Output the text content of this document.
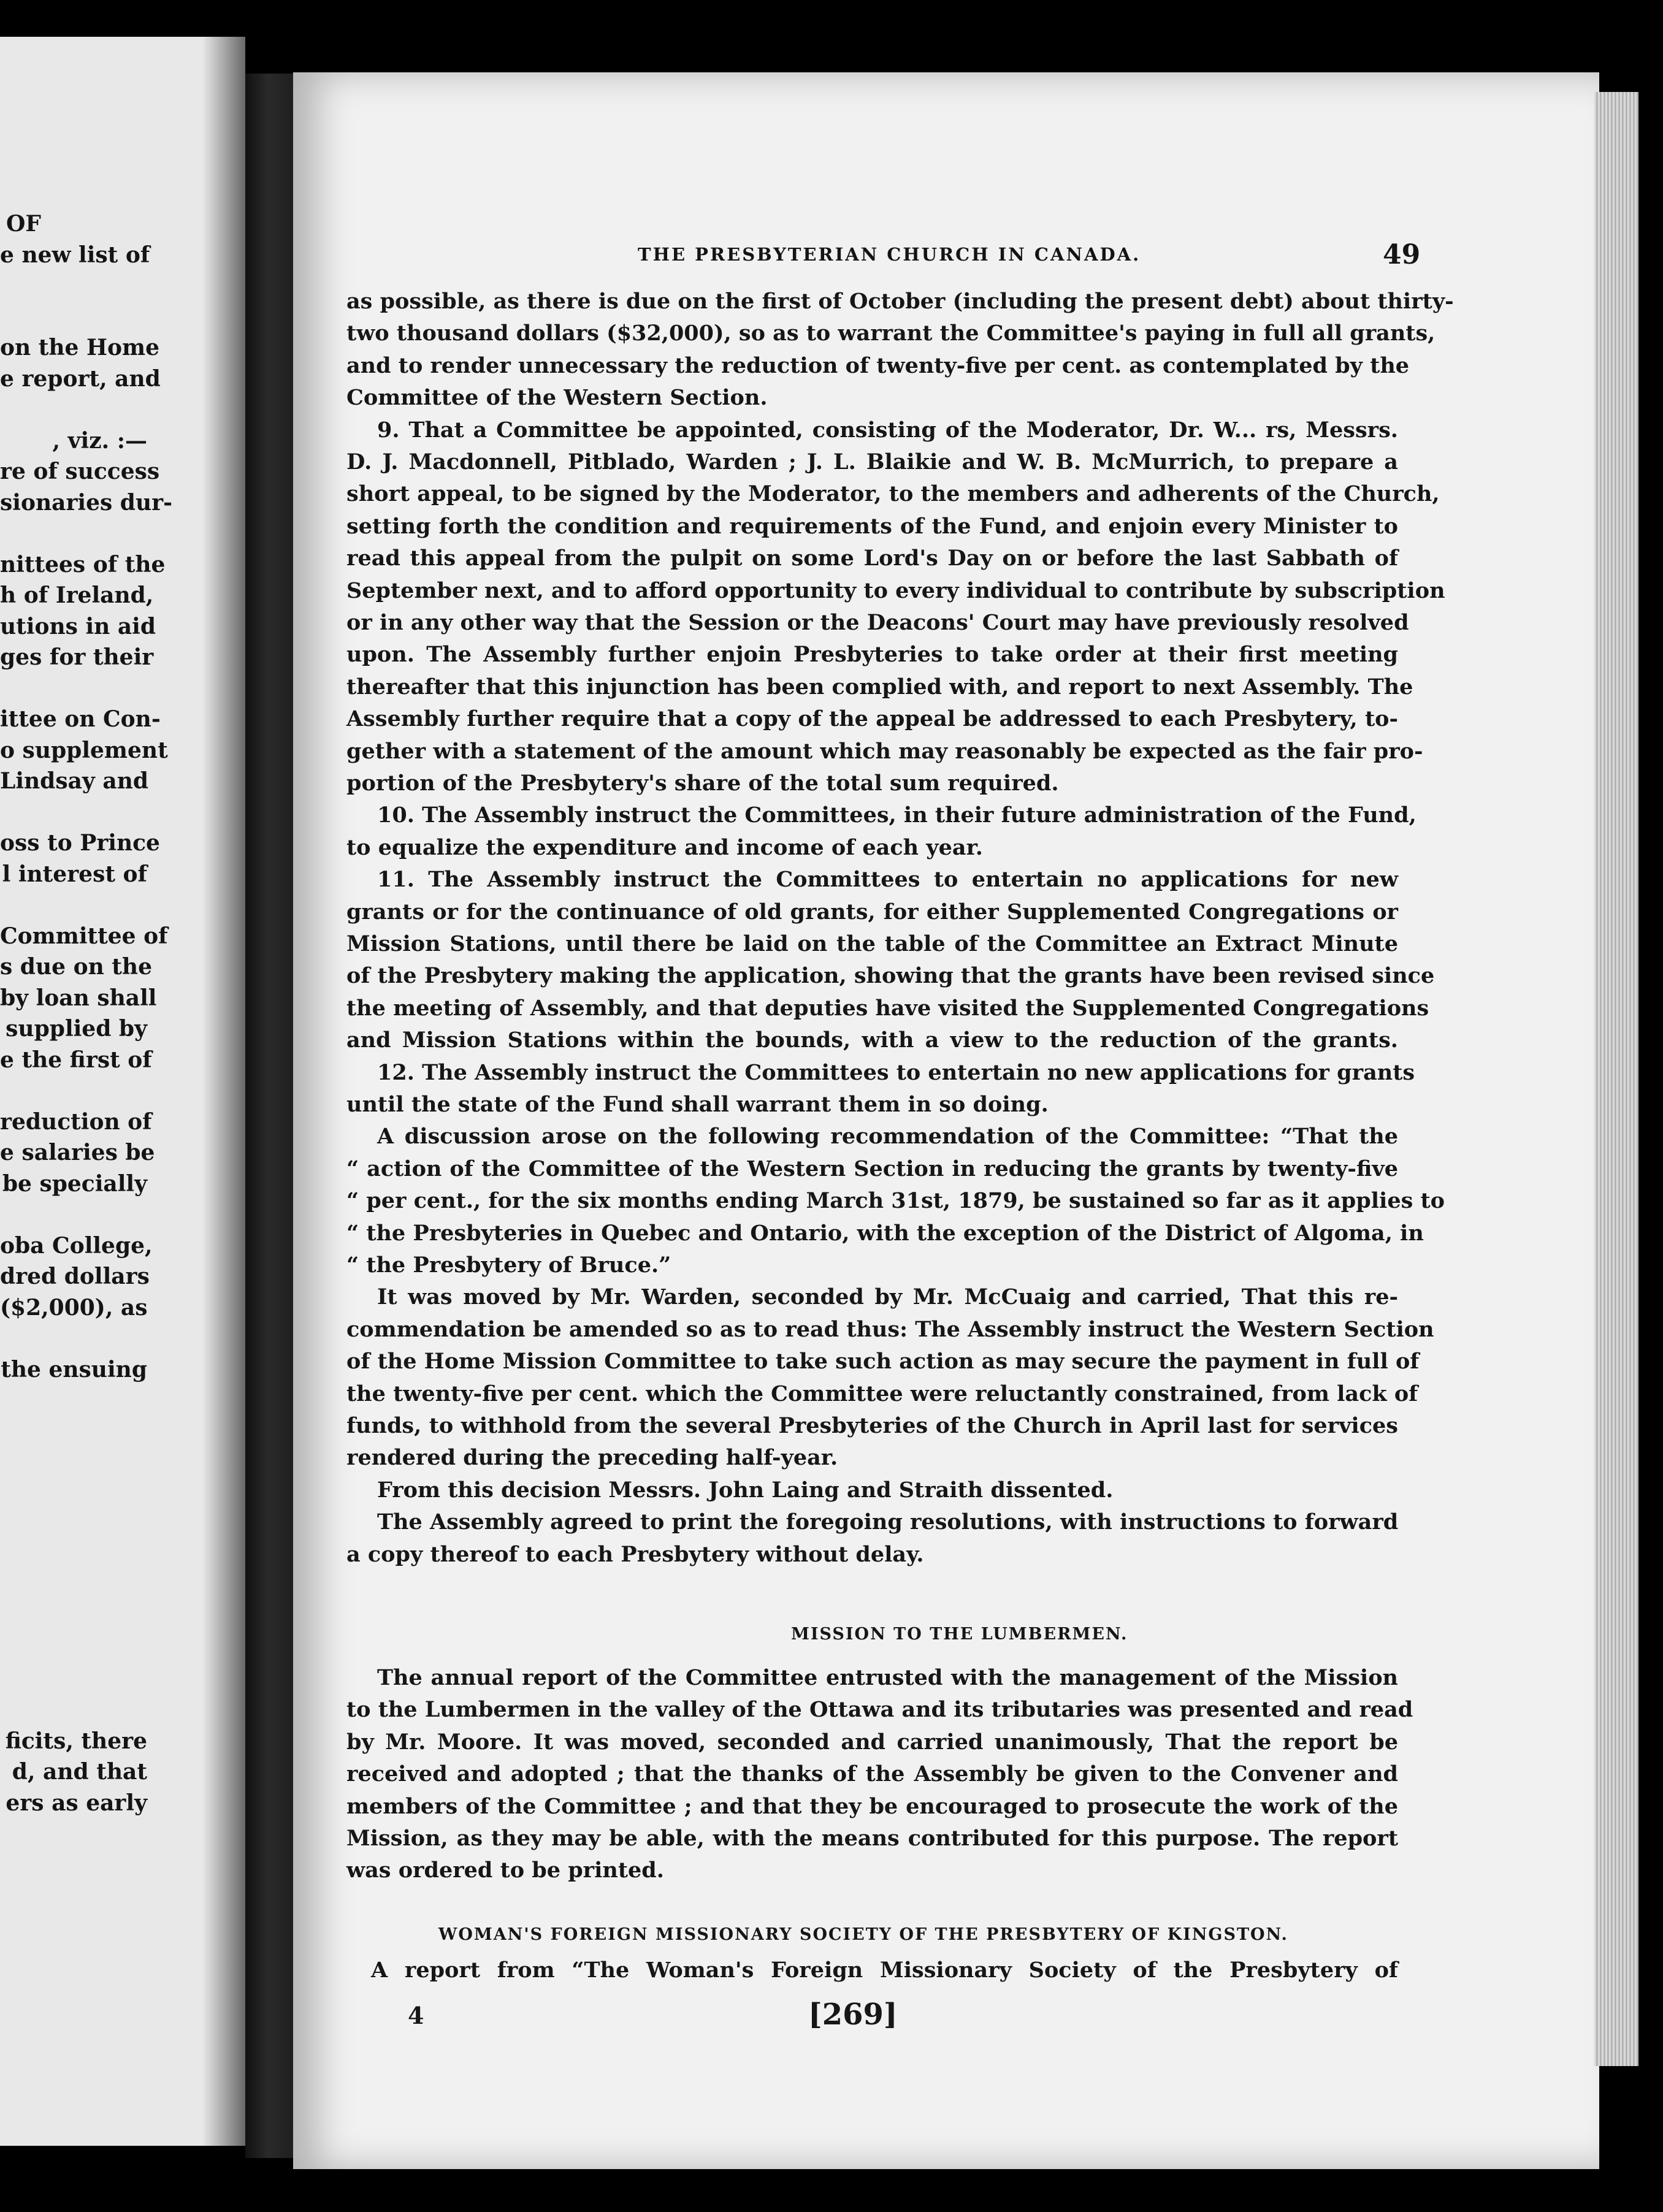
OF
e new list of
on the Home
e report, and
, viz. :—
re of success
sionaries dur-
nittees of the
h of Ireland,
utions in aid
ges for their
ittee on Con-
o supplement
Lindsay and
oss to Prince
l interest of
Committee of
s due on the
by loan shall
supplied by
e the first of
reduction of
e salaries be
be specially
oba College,
dred dollars
($2,000), as
the ensuing
ficits, there
d, and that
ers as early
THE PRESBYTERIAN CHURCH IN CANADA.	49
as possible, as there is due on the first of October (including the present debt) about thirty-
two thousand dollars ($32,000), so as to warrant the Committee's paying in full all grants,
and to render unnecessary the reduction of twenty-five per cent. as contemplated by the
Committee of the Western Section.
9. That a Committee be appointed, consisting of the Moderator, Dr. W... rs, Messrs.
D. J. Macdonnell, Pitblado, Warden ; J. L. Blaikie and W. B. McMurrich, to prepare a
short appeal, to be signed by the Moderator, to the members and adherents of the Church,
setting forth the condition and requirements of the Fund, and enjoin every Minister to
read this appeal from the pulpit on some Lord's Day on or before the last Sabbath of
September next, and to afford opportunity to every individual to contribute by subscription
or in any other way that the Session or the Deacons' Court may have previously resolved
upon. The Assembly further enjoin Presbyteries to take order at their first meeting
thereafter that this injunction has been complied with, and report to next Assembly. The
Assembly further require that a copy of the appeal be addressed to each Presbytery, to-
gether with a statement of the amount which may reasonably be expected as the fair pro-
portion of the Presbytery's share of the total sum required.
10. The Assembly instruct the Committees, in their future administration of the Fund,
to equalize the expenditure and income of each year.
11. The Assembly instruct the Committees to entertain no applications for new
grants or for the continuance of old grants, for either Supplemented Congregations or
Mission Stations, until there be laid on the table of the Committee an Extract Minute
of the Presbytery making the application, showing that the grants have been revised since
the meeting of Assembly, and that deputies have visited the Supplemented Congregations
and Mission Stations within the bounds, with a view to the reduction of the grants.
12. The Assembly instruct the Committees to entertain no new applications for grants
until the state of the Fund shall warrant them in so doing.
A discussion arose on the following recommendation of the Committee: “That the
“ action of the Committee of the Western Section in reducing the grants by twenty-five
“ per cent., for the six months ending March 31st, 1879, be sustained so far as it applies to
“ the Presbyteries in Quebec and Ontario, with the exception of the District of Algoma, in
“ the Presbytery of Bruce.”
It was moved by Mr. Warden, seconded by Mr. McCuaig and carried, That this re-
commendation be amended so as to read thus: The Assembly instruct the Western Section
of the Home Mission Committee to take such action as may secure the payment in full of
the twenty-five per cent. which the Committee were reluctantly constrained, from lack of
funds, to withhold from the several Presbyteries of the Church in April last for services
rendered during the preceding half-year.
From this decision Messrs. John Laing and Straith dissented.
The Assembly agreed to print the foregoing resolutions, with instructions to forward
a copy thereof to each Presbytery without delay.
MISSION TO THE LUMBERMEN.
The annual report of the Committee entrusted with the management of the Mission
to the Lumbermen in the valley of the Ottawa and its tributaries was presented and read
by Mr. Moore. It was moved, seconded and carried unanimously, That the report be
received and adopted ; that the thanks of the Assembly be given to the Convener and
members of the Committee ; and that they be encouraged to prosecute the work of the
Mission, as they may be able, with the means contributed for this purpose. The report
was ordered to be printed.
WOMAN'S FOREIGN MISSIONARY SOCIETY OF THE PRESBYTERY OF KINGSTON.
A report from “The Woman's Foreign Missionary Society of the Presbytery of
4	[269]
